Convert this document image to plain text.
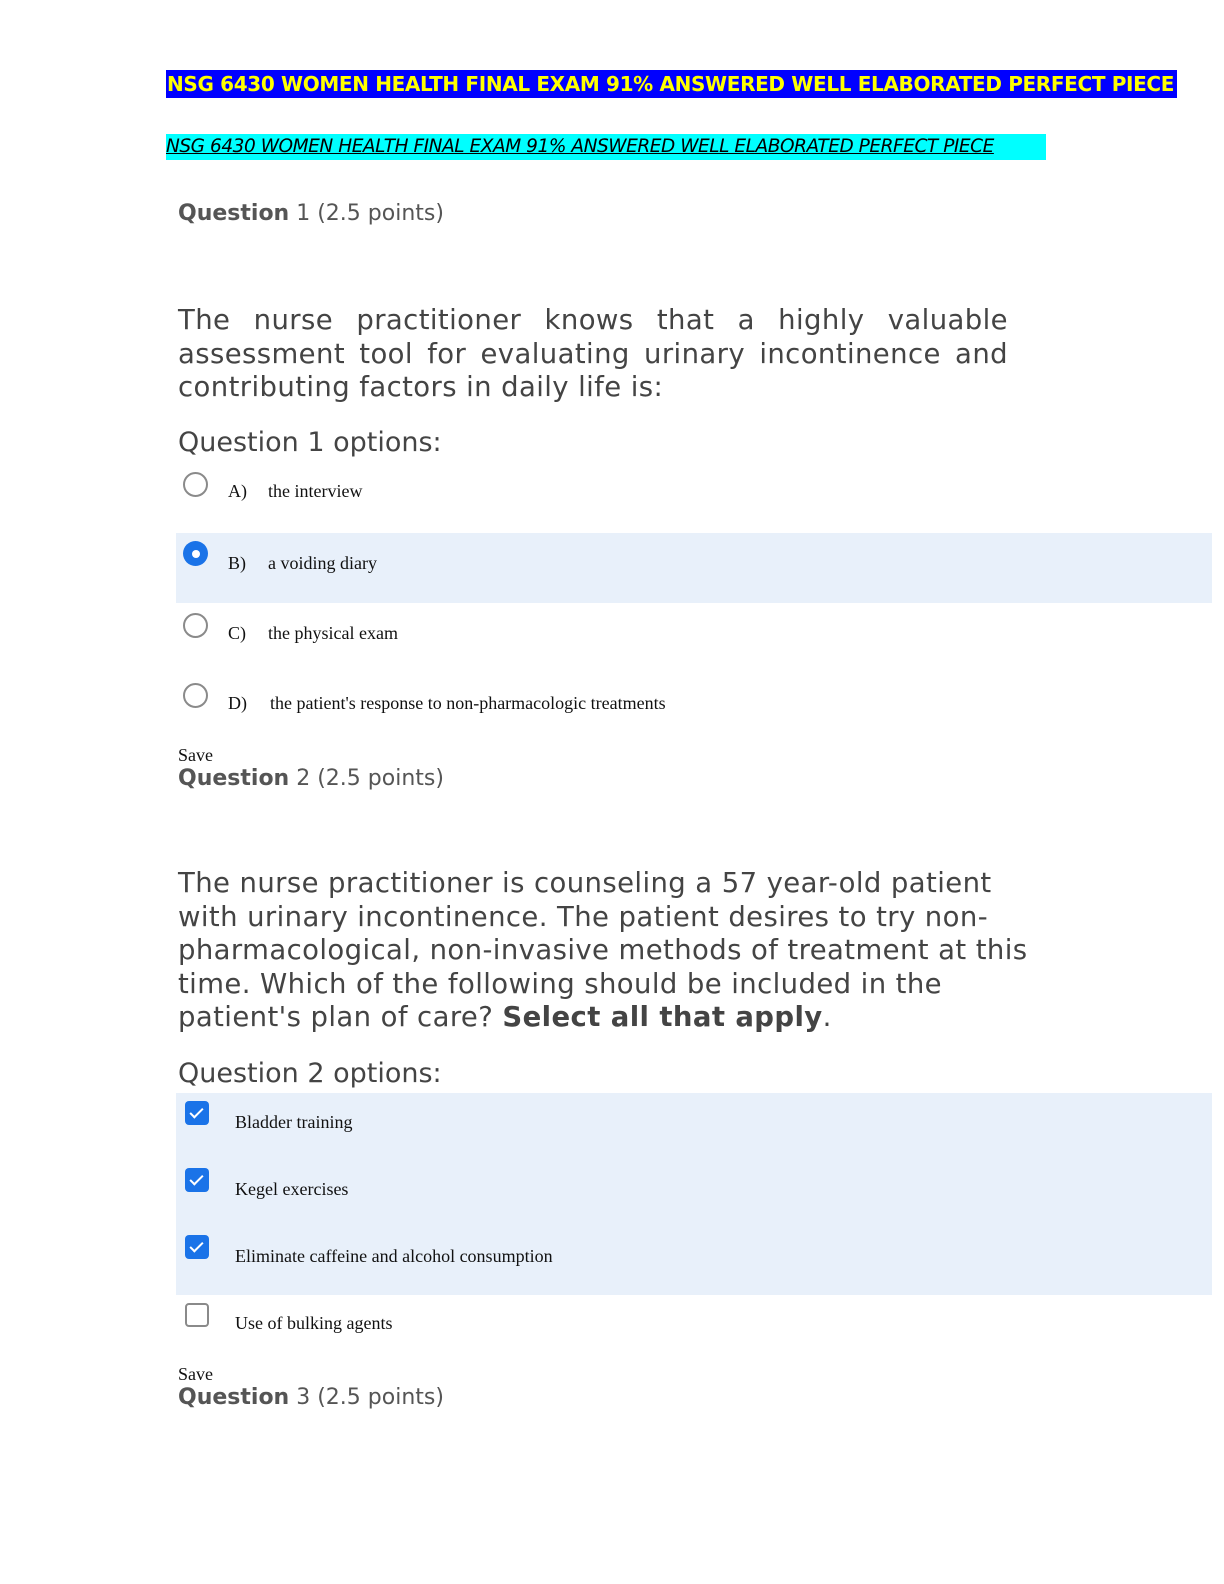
NSG 6430 WOMEN HEALTH FINAL EXAM 91% ANSWERED WELL ELABORATED PERFECT PIECE
NSG 6430 WOMEN HEALTH FINAL EXAM 91% ANSWERED WELL ELABORATED PERFECT PIECE
Question 1 (2.5 points)
The nurse practitioner knows that a highly valuable assessment tool for evaluating urinary incontinence and contributing factors in daily life is:
Question 1 options:
A) the interview
B) a voiding diary
C) the physical exam
D) the patient's response to non-pharmacologic treatments
Save
Question 2 (2.5 points)
The nurse practitioner is counseling a 57 year-old patient with urinary incontinence. The patient desires to try non-pharmacological, non-invasive methods of treatment at this time. Which of the following should be included in the patient's plan of care? Select all that apply.
Question 2 options:
Bladder training
Kegel exercises
Eliminate caffeine and alcohol consumption
Use of bulking agents
Save
Question 3 (2.5 points)
